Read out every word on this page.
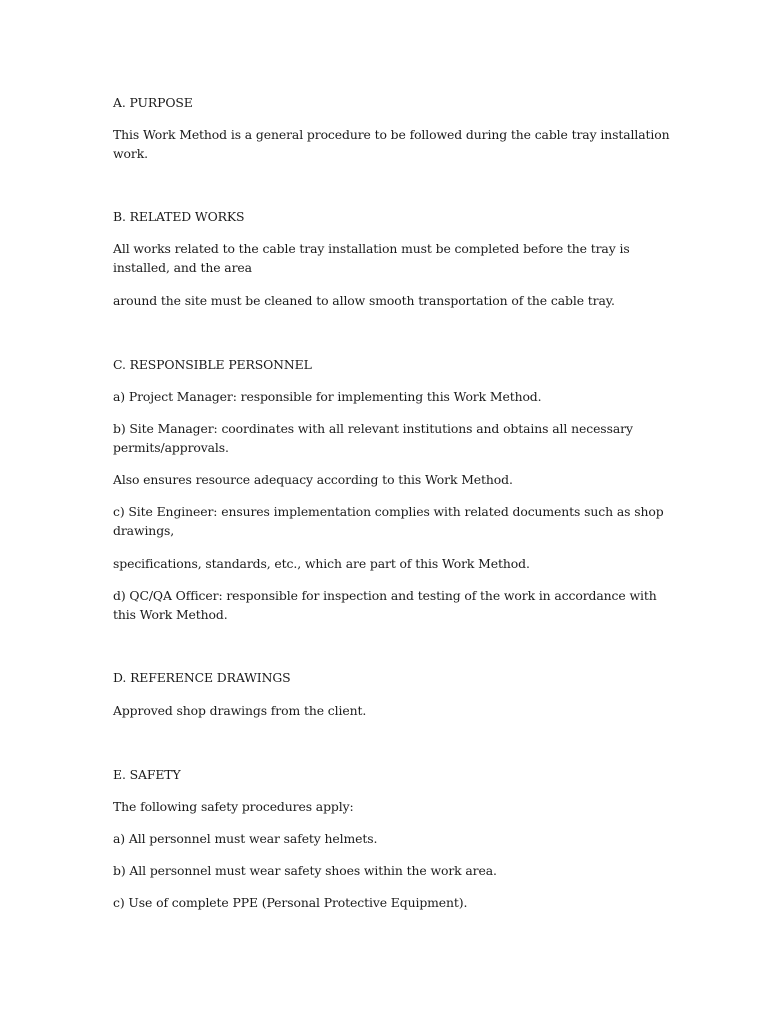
A. PURPOSE
This Work Method is a general procedure to be followed during the cable tray installation work.
B. RELATED WORKS
All works related to the cable tray installation must be completed before the tray is installed, and the area
around the site must be cleaned to allow smooth transportation of the cable tray.
C. RESPONSIBLE PERSONNEL
a) Project Manager: responsible for implementing this Work Method.
b) Site Manager: coordinates with all relevant institutions and obtains all necessary permits/approvals.
Also ensures resource adequacy according to this Work Method.
c) Site Engineer: ensures implementation complies with related documents such as shop drawings,
specifications, standards, etc., which are part of this Work Method.
d) QC/QA Officer: responsible for inspection and testing of the work in accordance with this Work Method.
D. REFERENCE DRAWINGS
Approved shop drawings from the client.
E. SAFETY
The following safety procedures apply:
a) All personnel must wear safety helmets.
b) All personnel must wear safety shoes within the work area.
c) Use of complete PPE (Personal Protective Equipment).
